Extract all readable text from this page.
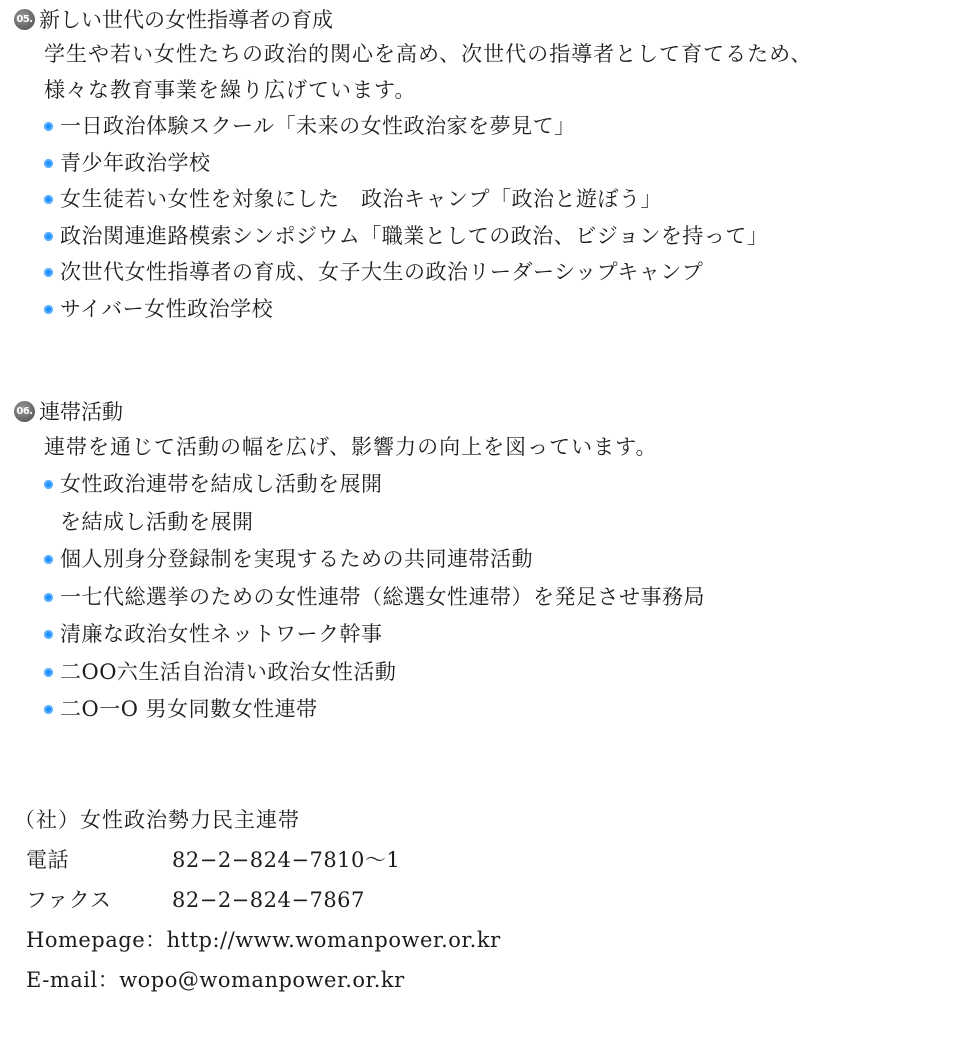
05. 新しい世代の女性指導者の育成
学生や若い女性たちの政治的関心を高め、次世代の指導者として育てるため、
様々な教育事業を繰り広げています。
一日政治体験スクール「未来の女性政治家を夢見て」
青少年政治学校
女生徒若い女性を対象にした　政治キャンプ「政治と遊ぼう」
政治関連進路模索シンポジウム「職業としての政治、ビジョンを持って」
次世代女性指導者の育成、女子大生の政治リーダーシップキャンプ
サイバー女性政治学校
06. 連帯活動
連帯を通じて活動の幅を広げ、影響力の向上を図っています。
女性政治連帯を結成し活動を展開
を結成し活動を展開
個人別身分登録制を実現するための共同連帯活動
一七代総選挙のための女性連帯（総選女性連帯）を発足させ事務局
清廉な政治女性ネットワーク幹事
二OO六生活自治清い政治女性活動
二O一O 男女同數女性連帯
（社）女性政治勢力民主連帯
電話	82−2−824−7810〜1
ファクス	82−2−824−7867
Homepage ： http://www.womanpower.or.kr
E-mail ： wopo@womanpower.or.kr
